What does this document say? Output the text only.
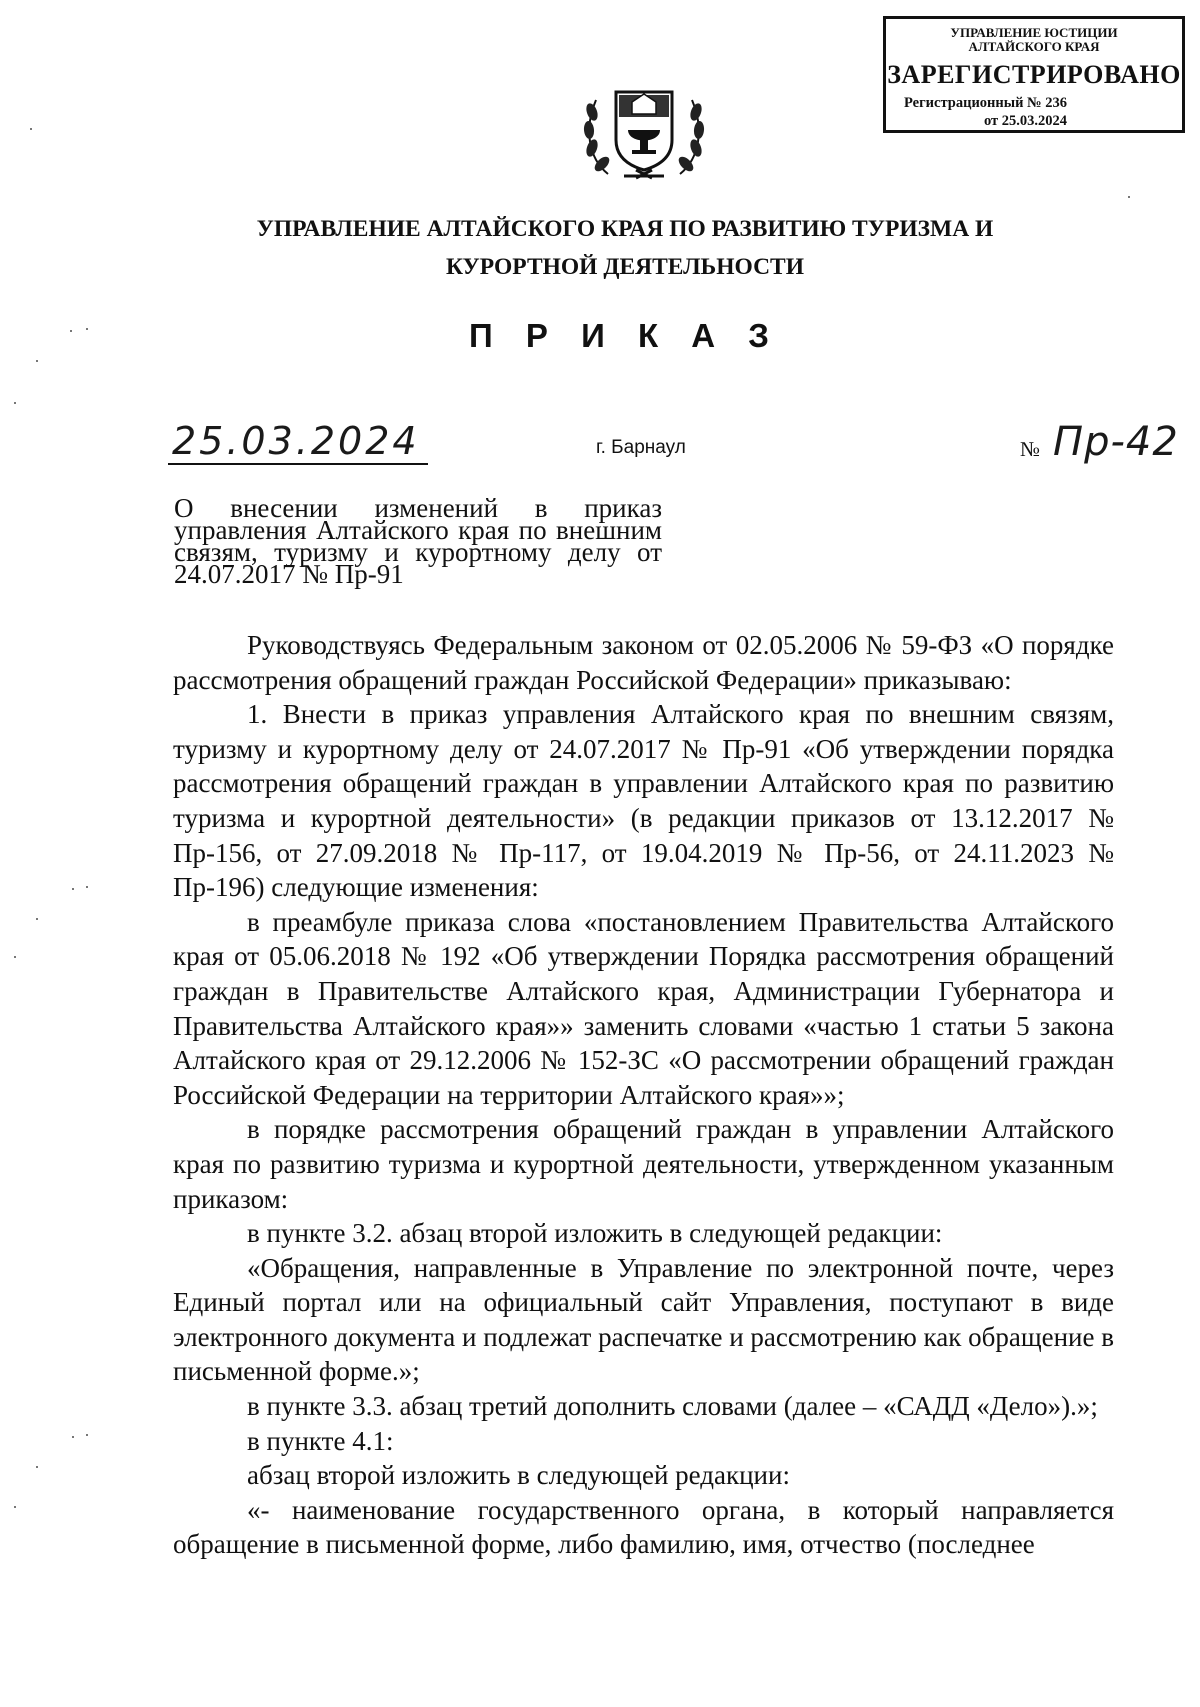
УПРАВЛЕНИЕ ЮСТИЦИИ АЛТАЙСКОГО КРАЯ
ЗАРЕГИСТРИРОВАНО
Регистрационный № 236
от 25.03.2024
УПРАВЛЕНИЕ АЛТАЙСКОГО КРАЯ ПО РАЗВИТИЮ ТУРИЗМА И
КУРОРТНОЙ ДЕЯТЕЛЬНОСТИ
П Р И К А З
25.03.2024	г. Барнаул	№ Пр-42
О внесении изменений в приказ управления Алтайского края по внешним связям, туризму и курортному делу от 24.07.2017 № Пр-91

Руководствуясь Федеральным законом от 02.05.2006 № 59-ФЗ «О порядке рассмотрения обращений граждан Российской Федерации» приказываю:

1. Внести в приказ управления Алтайского края по внешним связям, туризму и курортному делу от 24.07.2017 № Пр-91 «Об утверждении порядка рассмотрения обращений граждан в управлении Алтайского края по развитию туризма и курортной деятельности» (в редакции приказов от 13.12.2017 № Пр-156, от 27.09.2018 № Пр-117, от 19.04.2019 № Пр-56, от 24.11.2023 № Пр-196) следующие изменения:

в преамбуле приказа слова «постановлением Правительства Алтайского края от 05.06.2018 № 192 «Об утверждении Порядка рассмотрения обращений граждан в Правительстве Алтайского края, Администрации Губернатора и Правительства Алтайского края»» заменить словами «частью 1 статьи 5 закона Алтайского края от 29.12.2006 № 152-ЗС «О рассмотрении обращений граждан Российской Федерации на территории Алтайского края»»;

в порядке рассмотрения обращений граждан в управлении Алтайского края по развитию туризма и курортной деятельности, утвержденном указанным приказом:

в пункте 3.2. абзац второй изложить в следующей редакции:

«Обращения, направленные в Управление по электронной почте, через Единый портал или на официальный сайт Управления, поступают в виде электронного документа и подлежат распечатке и рассмотрению как обращение в письменной форме.»;

в пункте 3.3. абзац третий дополнить словами (далее – «САДД «Дело»).»;

в пункте 4.1:

абзац второй изложить в следующей редакции:

«- наименование государственного органа, в который направляется обращение в письменной форме, либо фамилию, имя, отчество (последнее
